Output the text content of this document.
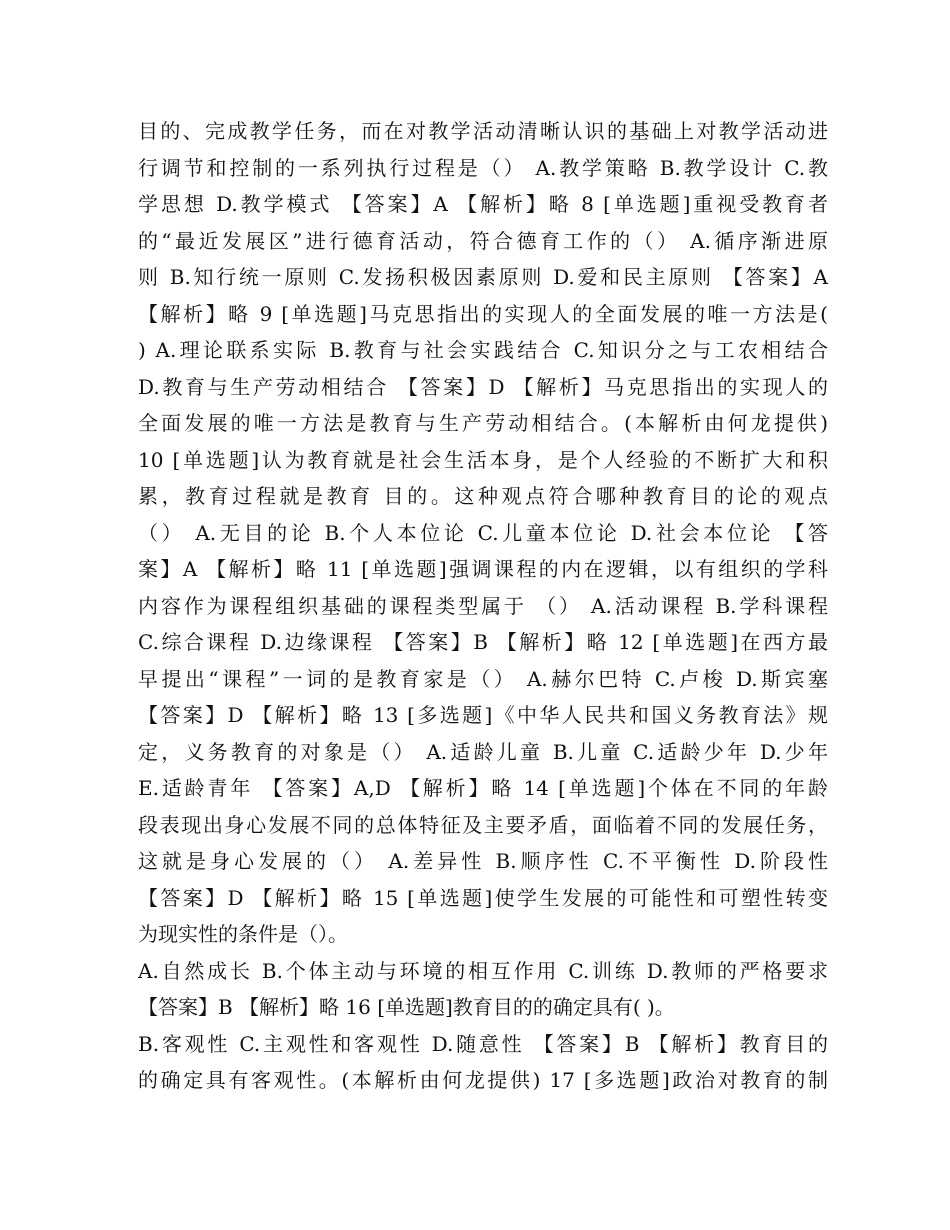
目的、完成教学任务，而在对教学活动清晰认识的基础上对教学活动进
行调节和控制的一系列执行过程是（） A.教学策略 B.教学设计 C.教
学思想 D.教学模式 【答案】A 【解析】略 8 [单选题]重视受教育者
的“最近发展区”进行德育活动，符合德育工作的（） A.循序渐进原
则 B.知行统一原则 C.发扬积极因素原则 D.爱和民主原则 【答案】A
【解析】略 9 [单选题]马克思指出的实现人的全面发展的唯一方法是(
) A.理论联系实际 B.教育与社会实践结合 C.知识分之与工农相结合
D.教育与生产劳动相结合 【答案】D 【解析】马克思指出的实现人的
全面发展的唯一方法是教育与生产劳动相结合。(本解析由何龙提供)
10 [单选题]认为教育就是社会生活本身，是个人经验的不断扩大和积
累，教育过程就是教育 目的。这种观点符合哪种教育目的论的观点
（） A.无目的论 B.个人本位论 C.儿童本位论 D.社会本位论 【答
案】A 【解析】略 11 [单选题]强调课程的内在逻辑，以有组织的学科
内容作为课程组织基础的课程类型属于 （） A.活动课程 B.学科课程
C.综合课程 D.边缘课程 【答案】B 【解析】略 12 [单选题]在西方最
早提出“课程”一词的是教育家是（） A.赫尔巴特 C.卢梭 D.斯宾塞
【答案】D 【解析】略 13 [多选题]《中华人民共和国义务教育法》规
定，义务教育的对象是（） A.适龄儿童 B.儿童 C.适龄少年 D.少年
E.适龄青年 【答案】A,D 【解析】略 14 [单选题]个体在不同的年龄
段表现出身心发展不同的总体特征及主要矛盾，面临着不同的发展任务，
这就是身心发展的（） A.差异性 B.顺序性 C.不平衡性 D.阶段性
【答案】D 【解析】略 15 [单选题]使学生发展的可能性和可塑性转变
为现实性的条件是（）。
A.自然成长 B.个体主动与环境的相互作用 C.训练 D.教师的严格要求
【答案】B 【解析】略 16 [单选题]教育目的的确定具有( )。
B.客观性 C.主观性和客观性 D.随意性 【答案】B 【解析】教育目的
的确定具有客观性。(本解析由何龙提供) 17 [多选题]政治对教育的制
